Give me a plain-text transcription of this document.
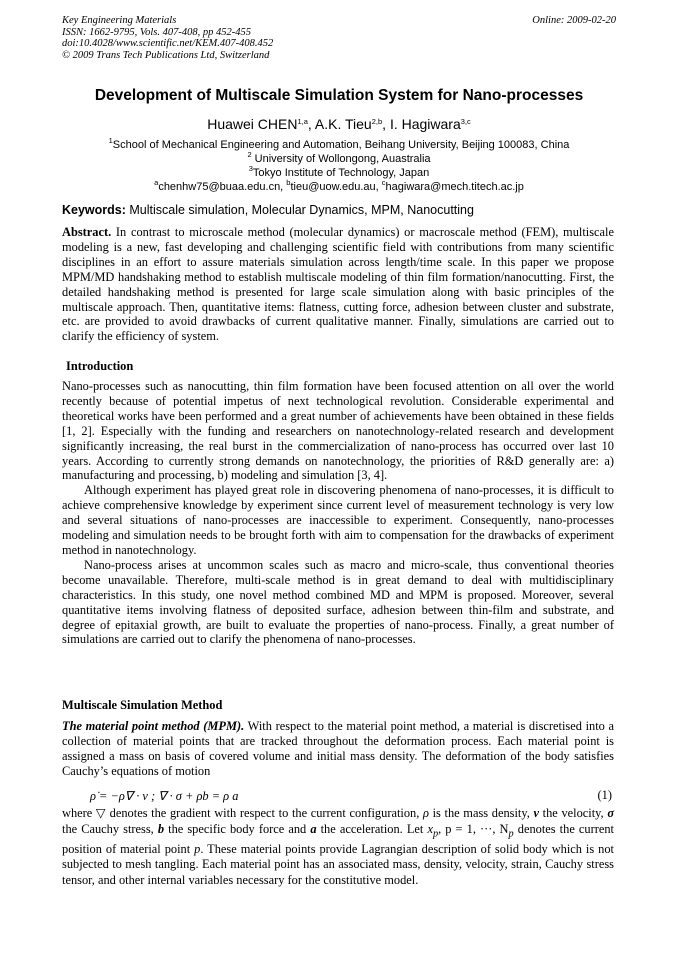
Key Engineering Materials
ISSN: 1662-9795, Vols. 407-408, pp 452-455
doi:10.4028/www.scientific.net/KEM.407-408.452
© 2009 Trans Tech Publications Ltd, Switzerland
Online: 2009-02-20
Development of Multiscale Simulation System for Nano-processes
Huawei CHEN$^{1,a}$, A.K. Tieu$^{2,b}$, I. Hagiwara$^{3,c}$
$^1$School of Mechanical Engineering and Automation, Beihang University, Beijing 100083, China
$^2$ University of Wollongong, Auastralia
$^3$Tokyo Institute of Technology, Japan
$^a$chenhw75@buaa.edu.cn, $^b$tieu@uow.edu.au, $^c$hagiwara@mech.titech.ac.jp
Keywords: Multiscale simulation, Molecular Dynamics, MPM, Nanocutting

Abstract. In contrast to microscale method (molecular dynamics) or macroscale method (FEM), multiscale modeling is a new, fast developing and challenging scientific field with contributions from many scientific disciplines in an effort to assure materials simulation across length/time scale. In this paper we propose MPM/MD handshaking method to establish multiscale modeling of thin film formation/nanocutting. First, the detailed handshaking method is presented for large scale simulation along with basic principles of the multiscale approach. Then, quantitative items: flatness, cutting force, adhesion between cluster and substrate, etc. are provided to avoid drawbacks of current qualitative manner. Finally, simulations are carried out to clarify the efficiency of system.

Introduction

Nano-processes such as nanocutting, thin film formation have been focused attention on all over the world recently because of potential impetus of next technological revolution. Considerable experimental and theoretical works have been performed and a great number of achievements have been obtained in these fields [1, 2]. Especially with the funding and researchers on nanotechnology-related research and development significantly increasing, the real burst in the commercialization of nano-process has occurred over last 10 years. According to currently strong demands on nanotechnology, the priorities of R&D generally are: a) manufacturing and processing, b) modeling and simulation [3, 4].

Although experiment has played great role in discovering phenomena of nano-processes, it is difficult to achieve comprehensive knowledge by experiment since current level of measurement technology is very low and several situations of nano-processes are inaccessible to experiment. Consequently, nano-processes modeling and simulation needs to be brought forth with aim to compensation for the drawbacks of experiment method in nanotechnology.

Nano-process arises at uncommon scales such as macro and micro-scale, thus conventional theories become unavailable. Therefore, multi-scale method is in great demand to deal with multidisciplinary characteristics. In this study, one novel method combined MD and MPM is proposed. Moreover, several quantitative items involving flatness of deposited surface, adhesion between thin-film and substrate, and degree of epitaxial growth, are built to evaluate the properties of nano-process. Finally, a great number of simulations are carried out to clarify the phenomena of nano-processes.

Multiscale Simulation Method

The material point method (MPM). With respect to the material point method, a material is discretised into a collection of material points that are tracked throughout the deformation process. Each material point is assigned a mass on basis of covered volume and initial mass density. The deformation of the body satisfies Cauchy’s equations of motion

ρ̇ = −ρ∇ · v ; ∇ · σ + ρb = ρ a	(1)

where ▽ denotes the gradient with respect to the current configuration, ρ is the mass density, v the velocity, σ the Cauchy stress, b the specific body force and a the acceleration. Let $x_p$, p = 1, ···, $N_p$ denotes the current position of material point p. These material points provide Lagrangian description of solid body which is not subjected to mesh tangling. Each material point has an associated mass, density, velocity, strain, Cauchy stress tensor, and other internal variables necessary for the constitutive model.
